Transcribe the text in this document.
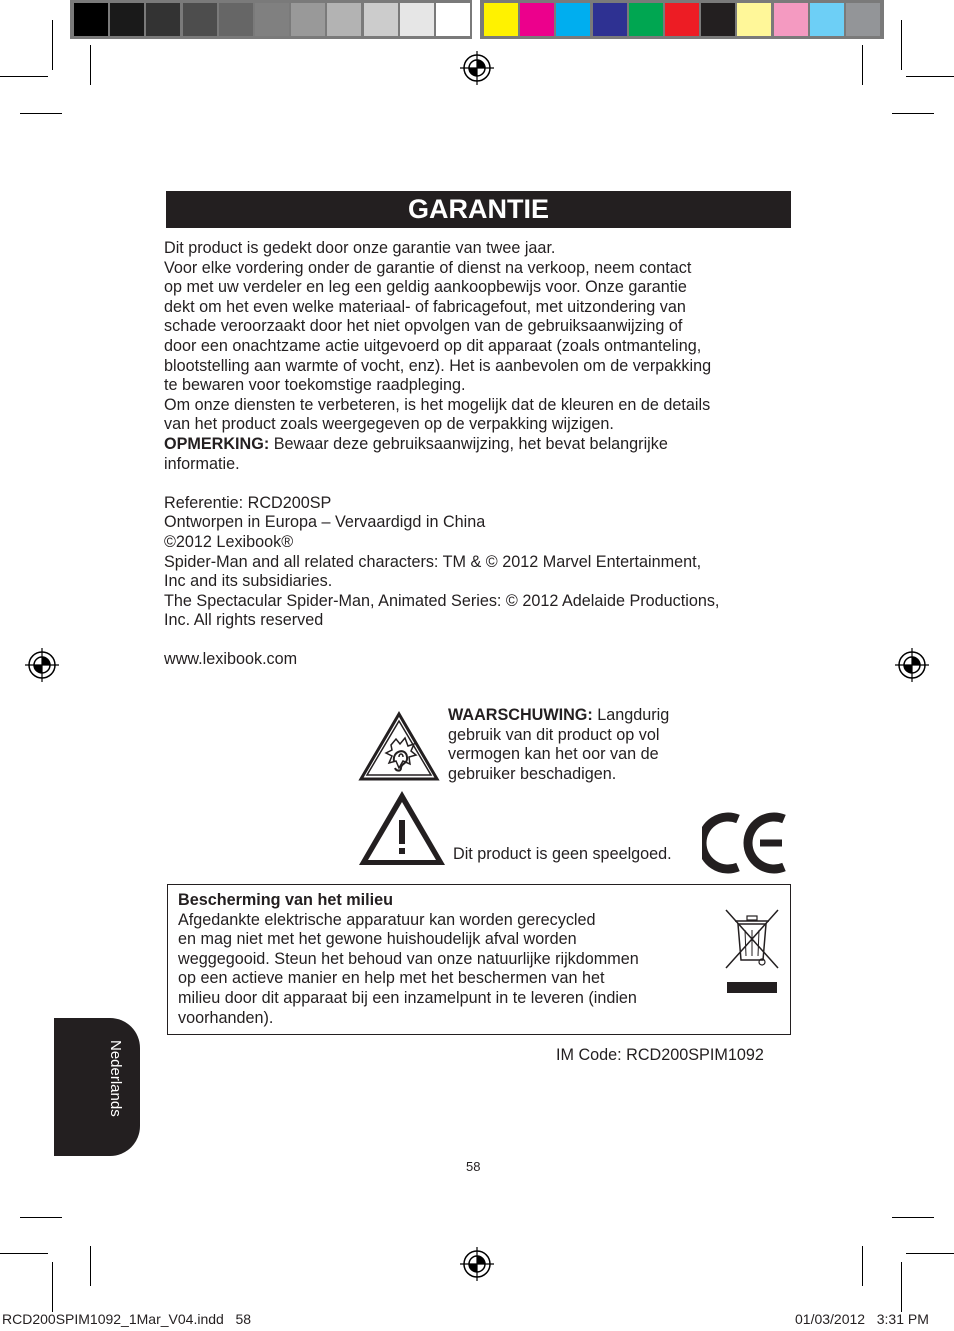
GARANTIE
Dit product is gedekt door onze garantie van twee jaar.
Voor elke vordering onder de garantie of dienst na verkoop, neem contact
op met uw verdeler en leg een geldig aankoopbewijs voor. Onze garantie
dekt om het even welke materiaal- of fabricagefout, met uitzondering van
schade veroorzaakt door het niet opvolgen van de gebruiksaanwijzing of
door een onachtzame actie uitgevoerd op dit apparaat (zoals ontmanteling,
blootstelling aan warmte of vocht, enz). Het is aanbevolen om de verpakking
te bewaren voor toekomstige raadpleging.
Om onze diensten te verbeteren, is het mogelijk dat de kleuren en de details
van het product zoals weergegeven op de verpakking wijzigen.
OPMERKING: Bewaar deze gebruiksaanwijzing, het bevat belangrijke
informatie.
Referentie: RCD200SP
Ontworpen in Europa – Vervaardigd in China
©2012 Lexibook®
Spider-Man and all related characters: TM & © 2012 Marvel Entertainment,
Inc and its subsidiaries.
The Spectacular Spider-Man, Animated Series: © 2012 Adelaide Productions,
Inc. All rights reserved
www.lexibook.com
WAARSCHUWING: Langdurig
gebruik van dit product op vol
vermogen kan het oor van de
gebruiker beschadigen.
Dit product is geen speelgoed.
Bescherming van het milieu
Afgedankte elektrische apparatuur kan worden gerecycled
en mag niet met het gewone huishoudelijk afval worden
weggegooid. Steun het behoud van onze natuurlijke rijkdommen
op een actieve manier en help met het beschermen van het
milieu door dit apparaat bij een inzamelpunt in te leveren (indien
voorhanden).
IM Code: RCD200SPIM1092
Nederlands
58
RCD200SPIM1092_1Mar_V04.indd   58	01/03/2012   3:31 PM
